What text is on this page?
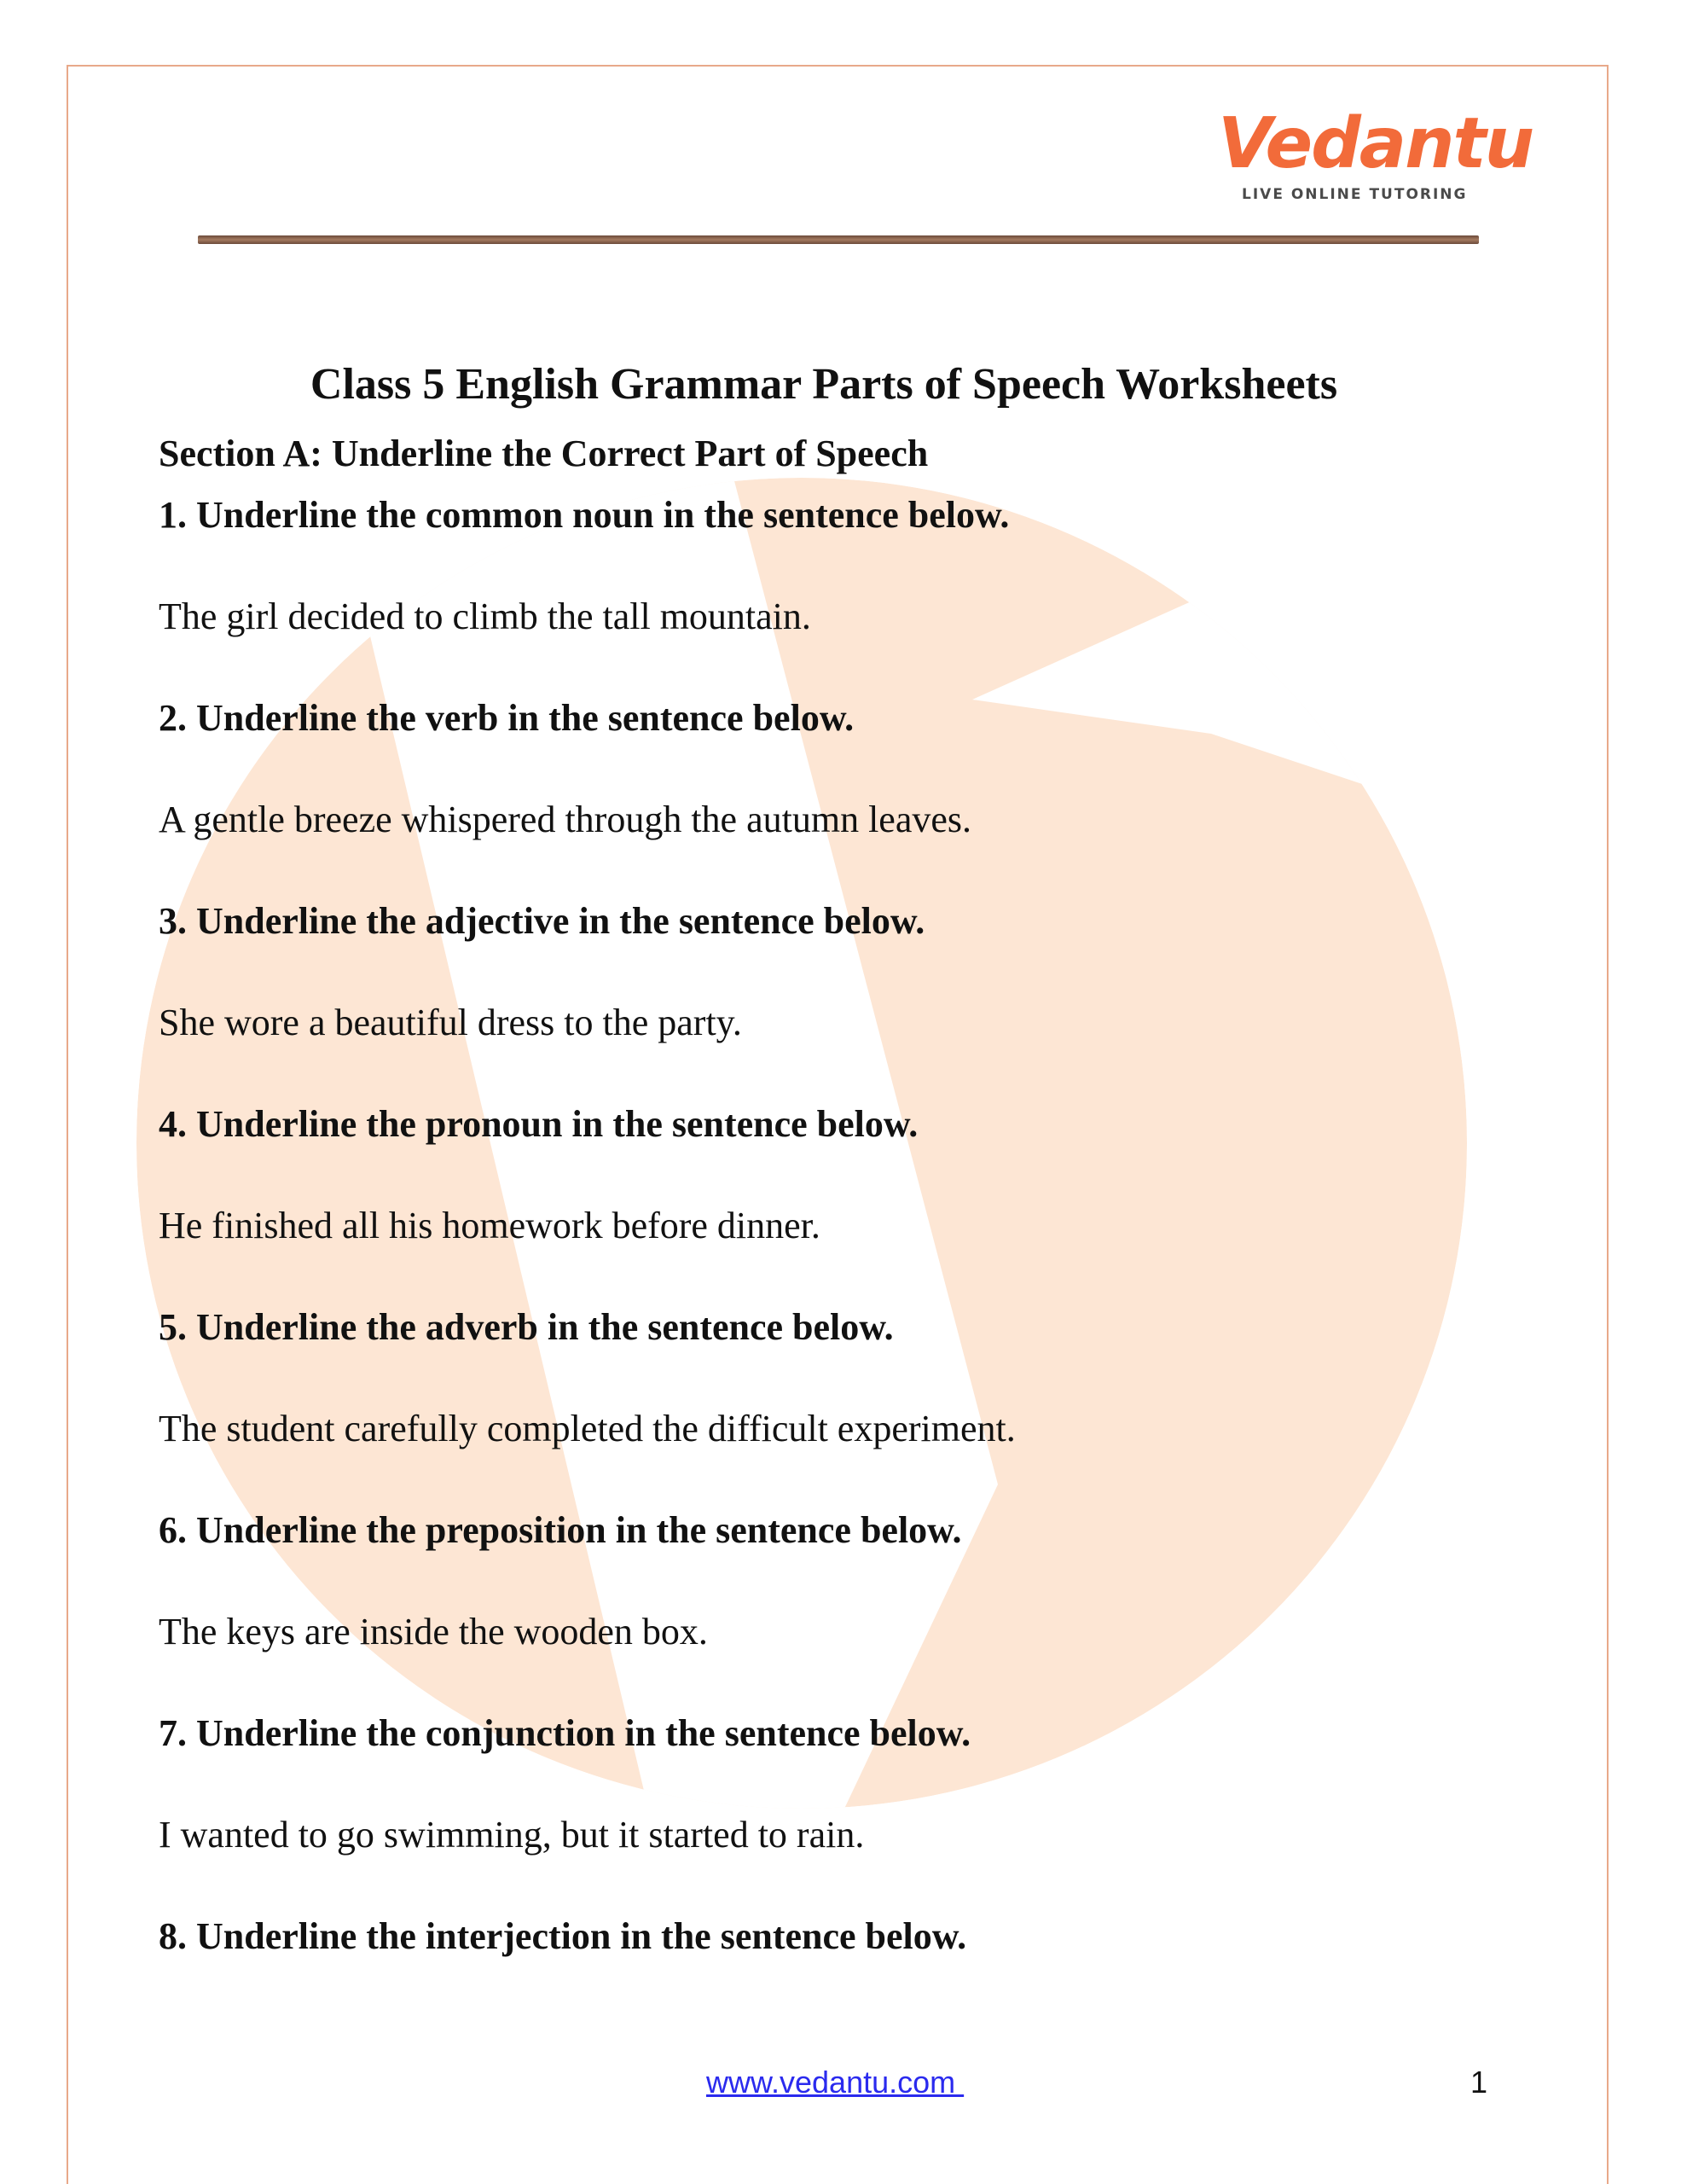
Vedantu
LIVE ONLINE TUTORING
Class 5 English Grammar Parts of Speech Worksheets
Section A: Underline the Correct Part of Speech

1. Underline the common noun in the sentence below.

The girl decided to climb the tall mountain.

2. Underline the verb in the sentence below.

A gentle breeze whispered through the autumn leaves.

3. Underline the adjective in the sentence below.

She wore a beautiful dress to the party.

4. Underline the pronoun in the sentence below.

He finished all his homework before dinner.

5. Underline the adverb in the sentence below.

The student carefully completed the difficult experiment.

6. Underline the preposition in the sentence below.

The keys are inside the wooden box.

7. Underline the conjunction in the sentence below.

I wanted to go swimming, but it started to rain.

8. Underline the interjection in the sentence below.

www.vedantu.com	1
